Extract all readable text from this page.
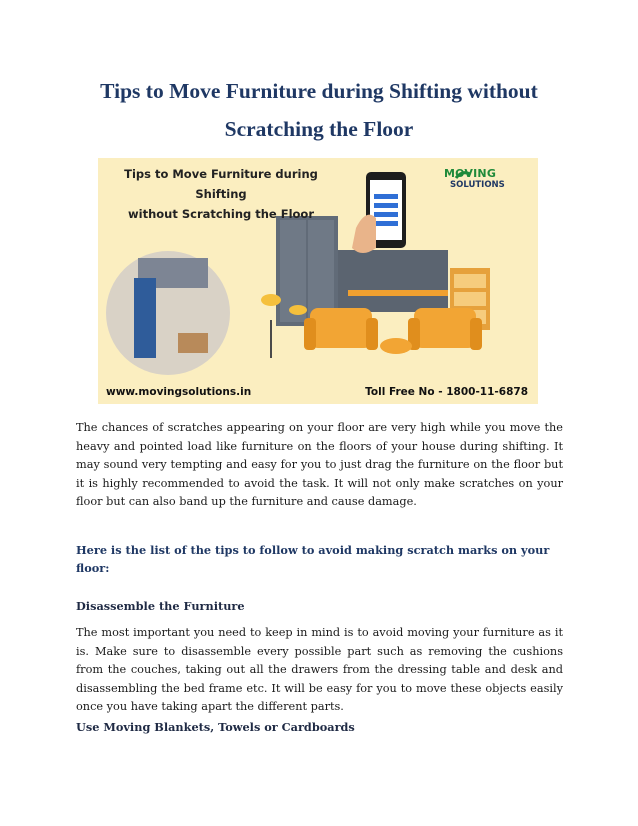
Tips to Move Furniture during Shifting without
Scratching the Floor
Tips to Move Furniture during Shifting
without Scratching the Floor
MOVING
SOLUTIONS
www.movingsolutions.in	Toll Free No - 1800-11-6878

The chances of scratches appearing on your floor are very high while you move the heavy and pointed load like furniture on the floors of your house during shifting. It may sound very tempting and easy for you to just drag the furniture on the floor but it is highly recommended to avoid the task. It will not only make scratches on your floor but can also band up the furniture and cause damage.

Here is the list of the tips to follow to avoid making scratch marks on your floor:

Disassemble the Furniture

The most important you need to keep in mind is to avoid moving your furniture as it is. Make sure to disassemble every possible part such as removing the cushions from the couches, taking out all the drawers from the dressing table and desk and disassembling the bed frame etc. It will be easy for you to move these objects easily once you have taking apart the different parts.

Use Moving Blankets, Towels or Cardboards
